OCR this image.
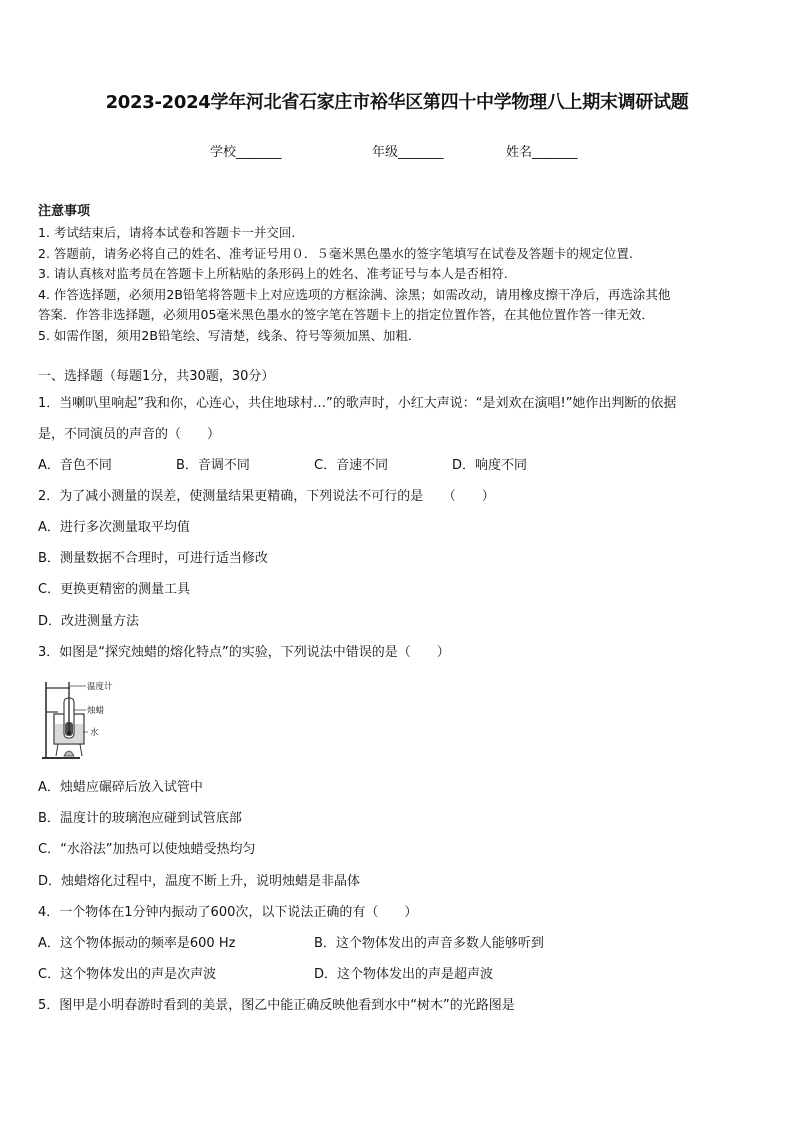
2023-2024学年河北省石家庄市裕华区第四十中学物理八上期末调研试题
学校_______	年级_______	姓名_______
注意事项
1. 考试结束后，请将本试卷和答题卡一并交回.
2. 答题前，请务必将自己的姓名、准考证号用０．５毫米黑色墨水的签字笔填写在试卷及答题卡的规定位置.
3. 请认真核对监考员在答题卡上所粘贴的条形码上的姓名、准考证号与本人是否相符.
4. 作答选择题，必须用2B铅笔将答题卡上对应选项的方框涂满、涂黑；如需改动，请用橡皮擦干净后，再选涂其他
答案．作答非选择题，必须用05毫米黑色墨水的签字笔在答题卡上的指定位置作答，在其他位置作答一律无效．
5. 如需作图，须用2B铅笔绘、写清楚，线条、符号等须加黑、加粗．
一、选择题（每题1分，共30题，30分）
1．当喇叭里响起”我和你，心连心，共住地球村…”的歌声时，小红大声说：“是刘欢在演唱!”她作出判断的依据
是，不同演员的声音的（　　）
A．音色不同	B．音调不同	C．音速不同	D．响度不同
2．为了减小测量的误差，使测量结果更精确，下列说法不可行的是　　（　　）
A．进行多次测量取平均值
B．测量数据不合理时，可进行适当修改
C．更换更精密的测量工具
D．改进测量方法
3．如图是“探究烛蜡的熔化特点”的实验，下列说法中错误的是（　　）
温度计
烛蜡
水
A．烛蜡应碾碎后放入试管中
B．温度计的玻璃泡应碰到试管底部
C．“水浴法”加热可以使烛蜡受热均匀
D．烛蜡熔化过程中，温度不断上升，说明烛蜡是非晶体
4．一个物体在1分钟内振动了600次，以下说法正确的有（　　）
A．这个物体振动的频率是600 Hz	B．这个物体发出的声音多数人能够听到
C．这个物体发出的声是次声波	D．这个物体发出的声是超声波
5．图甲是小明春游时看到的美景，图乙中能正确反映他看到水中“树木”的光路图是
